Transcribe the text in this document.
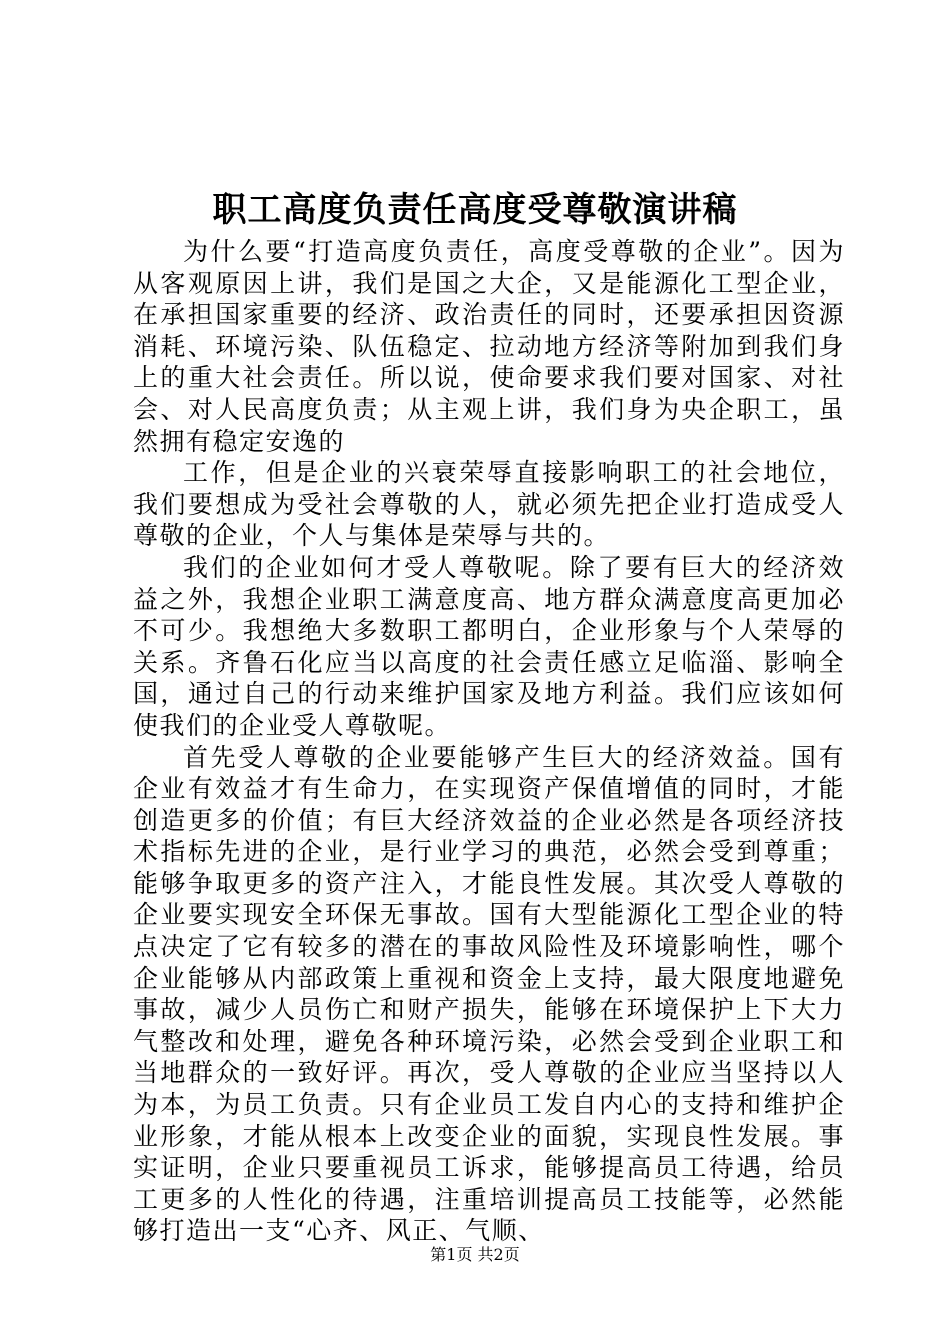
职工高度负责任高度受尊敬演讲稿

为什么要“打造高度负责任，高度受尊敬的企业”。因为从客观原因上讲，我们是国之大企，又是能源化工型企业，在承担国家重要的经济、政治责任的同时，还要承担因资源消耗、环境污染、队伍稳定、拉动地方经济等附加到我们身上的重大社会责任。所以说，使命要求我们要对国家、对社会、对人民高度负责；从主观上讲，我们身为央企职工，虽然拥有稳定安逸的

工作，但是企业的兴衰荣辱直接影响职工的社会地位，我们要想成为受社会尊敬的人，就必须先把企业打造成受人尊敬的企业，个人与集体是荣辱与共的。

我们的企业如何才受人尊敬呢。除了要有巨大的经济效益之外，我想企业职工满意度高、地方群众满意度高更加必不可少。我想绝大多数职工都明白，企业形象与个人荣辱的关系。齐鲁石化应当以高度的社会责任感立足临淄、影响全国，通过自己的行动来维护国家及地方利益。我们应该如何使我们的企业受人尊敬呢。

首先受人尊敬的企业要能够产生巨大的经济效益。国有企业有效益才有生命力，在实现资产保值增值的同时，才能创造更多的价值；有巨大经济效益的企业必然是各项经济技术指标先进的企业，是行业学习的典范，必然会受到尊重；能够争取更多的资产注入，才能良性发展。其次受人尊敬的企业要实现安全环保无事故。国有大型能源化工型企业的特点决定了它有较多的潜在的事故风险性及环境影响性，哪个企业能够从内部政策上重视和资金上支持，最大限度地避免事故，减少人员伤亡和财产损失，能够在环境保护上下大力气整改和处理，避免各种环境污染，必然会受到企业职工和当地群众的一致好评。再次，受人尊敬的企业应当坚持以人为本，为员工负责。只有企业员工发自内心的支持和维护企业形象，才能从根本上改变企业的面貌，实现良性发展。事实证明，企业只要重视员工诉求，能够提高员工待遇，给员工更多的人性化的待遇，注重培训提高员工技能等，必然能够打造出一支“心齐、风正、气顺、

第1页 共2页
